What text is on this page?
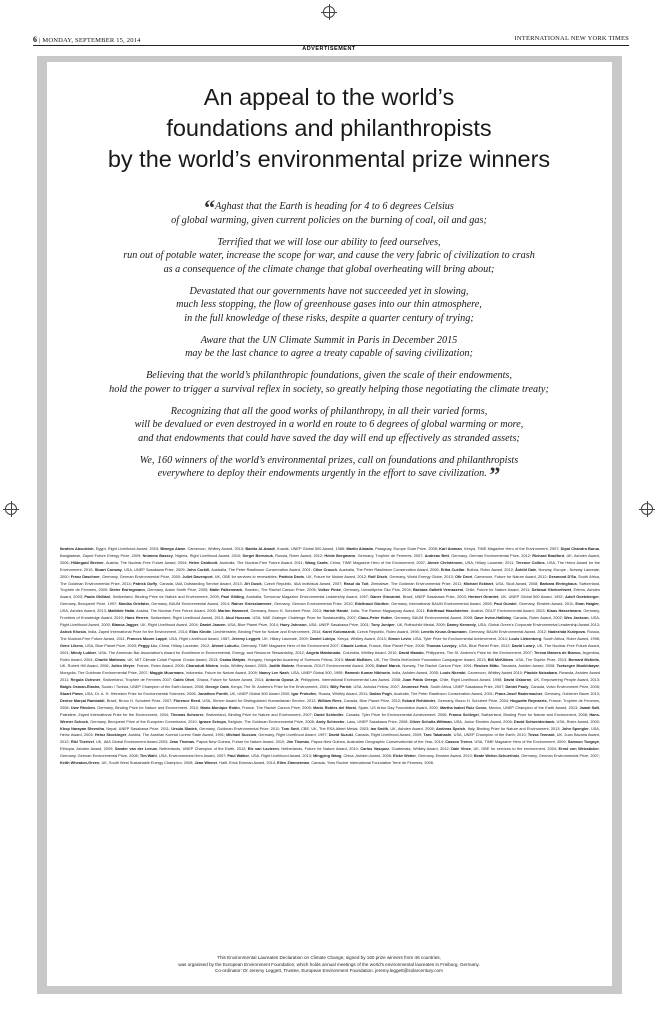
6 | MONDAY, SEPTEMBER 15, 2014	INTERNATIONAL NEW YORK TIMES
ADVERTISEMENT
An appeal to the world’s
foundations and philanthropists
by the world’s environmental prize winners

“Aghast that the Earth is heading for 4 to 6 degrees Celsius
of global warming, given current policies on the burning of coal, oil and gas;

Terrified that we will lose our ability to feed ourselves,
run out of potable water, increase the scope for war, and cause the very fabric of civilization to crash
as a consequence of the climate change that global overheating will bring about;

Devastated that our governments have not succeeded yet in slowing,
much less stopping, the flow of greenhouse gases into our thin atmosphere,
in the full knowledge of these risks, despite a quarter century of trying;

Aware that the UN Climate Summit in Paris in December 2015
may be the last chance to agree a treaty capable of saving civilization;

Believing that the world’s philanthropic foundations, given the scale of their endowments,
hold the power to trigger a survival reflex in society, so greatly helping those negotiating the climate treaty;

Recognizing that all the good works of philanthropy, in all their varied forms,
will be devalued or even destroyed in a world en route to 6 degrees of global warming or more,
and that endowments that could have saved the day will end up effectively as stranded assets;

We, 160 winners of the world’s environmental prizes, call on foundations and philanthropists
everywhere to deploy their endowments urgently in the effort to save civilization. ”

Ibrahim Abouleish, Egypt, Right Livelihood Award, 2003; Biwego Abwe, Cameroon, Whitley Award, 2013; Badria Al-Awadi, Kuwait, UNEP Global 500 Award, 1988; Martin Almada, Paraguay, Europe Solar Prize, 2005; Karl Amman, Kenya, TIME Magazine Hero of the Environment, 2007; Dipal Chandra Barua, Bangladesh, Zayed Future Energy Prize, 2009; Nnimmo Bassey, Nigeria, Right Livelihood Award, 2010; Sergei Bereznuk, Russia, Rolex Award, 2012; Heide Bergmann, Germany, Trophée de Femmes, 2007; Andreas Bett, Germany, German Environmental Prize, 2012; Richard Bradford, UK, Ashden Award, 2006; Hildegard Breiner, Austria, The Nuclear-Free Future Award, 2004; Helen Caldicott, Australia, The Nuclear-Free Future Award, 2011; Wang Canfa, China, TIME Magazine Hero of the Environment, 2007; Aimee Christensen, USA, Hillary Laureate, 2011; Terence Collins, USA, The Heinz Award for the Environment, 2010; Stuart Conway, USA, UNEP Sasakawa Prize, 2009; John Corkill, Australia, The Peter Rawlinson Conservation Award, 2001; Clive Crouch, Australia, The Peter Rawlinson Conservation Award, 2006; Erika Cuéllar, Bolivia, Rolex Award, 2012; Åshild Dale, Norway, Europe - Norway Laureate, 2000; Franz Daschner, Germany, German Environmental Prize, 2000; Juliet Davenport, UK, OBE for services to renewables; Patricia Davis, UK, Future for Nature Award, 2012; Rolf Disch, Germany, World Energy Globe, 2013; Ofir Drori, Cameroon, Future for Nature Award, 2012; Desmond D'Sa, South Africa, The Goldman Environmental Prize, 2014; Patrick Duffy, Canada, IAIA Outstanding Service Award, 2013; Jiří Dusík, Czech Republic, IAIA Individual Award, 2007; Rasul du Toit, Zimbabwe, The Goldman Environmental Prize, 2011; Michael Eckhart, USA, Skoll Award, 2008; Barbara Ehringhaus, Switzerland, Trophée de Femmes, 2009; Dieter Ewringmann, Germany, Adam Smith Prize, 2005; Malin Falkenmark, Sweden, The Rachel Carson Prize, 2005; Volker Finke, Germany, Umweltpreis Öko Plus, 2004; Barbara Galletti Vernazzeni, Chile, Future for Nature Award, 2011; Debesai Ghebrehiwet, Eritrea, Ashden Award, 2003; Paola Ghillani, Switzerland, Binding Prize for Nature and Environment, 2009; Paul Gilding, Australia, Tomorrow Magazine Environmental Leadership Award, 1997; Daner Giovanini, Brazil, UNEP Sasakawa Prize, 2003; Herbert Girardet, UK, UNEP Global 500 Award, 1992; Adolf Goetzberger, Germany, Becquerel Prize, 1997; Monika Griefahn, Germany, BAUM Environmental Award, 2014; Rainer Griesshammer, Germany, German Environmental Prize, 2010; Edeltraud Günther, Germany, International BAUM Environmental Award, 2008; Paul Gundel, Germany, Einstein Award, 2011; Evan Haigler, USA, Ashden Award, 2013; Mathilde Halla, Austria, The Nuclear-Free Future Award, 2005; Marion Hammerl, Germany, Bruno H. Schubert Prize, 2013; Harish Hande, India, The Ramon Magsaysay Award, 2011; Edelfraud Haselsteiner, Austria, ÖGUT Environmental Award, 2003; Klaus Hasselmann, Germany, Frontiers of Knowledge Award, 2010; Hans Herren, Switzerland, Right Livelihood Award, 2013; Abul Hussam, USA, NAE Grainger Challenge Prize for Sustainability, 2007; Claus-Peter Hutter, Germany, BAUM Environmental Award, 2008; Dave Irvine-Halliday, Canada, Rolex Award, 2002; Wes Jackson, USA, Right Livelihood Award, 2000; Bianca Jagger, UK, Right Livelihood Award, 2004; Daniel Janzen, USA, Blue Planet Prize, 2014; Huey Johnson, USA, UNEP Sasakawa Prize, 2001; Tony Juniper, UK, Rothschild Medal, 2009; Danny Kennedy, USA, Global Green's Corporate Environmental Leadership Award 2013; Ashok Khosla, India, Zayed International Prize for the Environment, 2014; Elias Kindle, Liechtenstein, Binding Prize for Nature and Environment, 2014; Karel Kolomazník, Czech Republic, Rolex Award, 1998; Lenelis Kruse-Graumann, Germany, BAUM Environmental Award, 2012; Nadezhda Kutepova, Russia, The Nuclear-Free Future Award, 2011; Frances Moore Lappé, USA, Right Livelihood Award, 1987; Jeremy Leggett, UK, Hillary Laureate, 2009; Daniel Lobiyu, Kenya, Whitley Award, 2013; Simon Levin, USA, Tyler Prize for Environmental Achievement, 2014; Louis Liebenberg, South Africa, Rolex Award, 1998; Gene Likens, USA, Blue Planet Prize, 2003; Peggy Liu, China, Hillary Laureate, 2012; Ahmet Lokurlu, Germany, TIME Magazine Hero of the Environment 2007; Claude Lorius, France, Blue Planet Prize, 2008; Thomas Lovejoy, USA, Blue Planet Prize, 2012; David Lowry, UK, The Nuclear-Free Future Award, 2001; Mindy Lubber, USA, The American Bar Association's Award for Excellence in Environmental, Energy, and Resource Stewardship, 2012; Angela Maldonado, Columbia, Whitley Award, 2010; David Manalo, Philippines, The St. Andrew's Prize for the Environment, 2007; Teresa Manera de Bianco, Argentina, Rolex Award, 2004; Charlie Mathews, UK, MIT Climate Colab Popular Choice Award, 2013; Csaba Mátyás, Hungary, Hungarian Academy of Sciences Fellow, 2010; Mardi McBrien, UK, The Sheila McKechnie Foundation Campaigner Award, 2013; Bill McKibben, USA, The Sophie Prize, 2013; Bernard McNelis, UK, Robert Hill Award, 2006; Julien Meyer, France, Rolex Award, 2006; Charudutt Mishra, India, Whitley Award, 2005; Judith Molnár, Romania, ÖGUT Environmental Award, 2005; Sidsel Mørck, Norway, The Rachel Carson Prize, 1991; Reuben Mittu, Tanzania, Ashden Award, 2008; Tsetsegee Munkhbayar, Mongolia, The Goldman Environmental Prize, 2007; Maggie Muurmans, Indonesia, Future for Nature Award, 2009; Nancy Lee Nash, USA, UNEP Global 500, 1995; Ramesh Kumar Nibhoria, India, Ashden Award, 2005; Louis Nkembi, Cameroon, Whitley Award 2010; Placide Nzisabara, Rwanda, Ashden Award 2011; Regula Ochsner, Switzerland, Trophée de Femmes 2007; Caleb Ofori, Ghana, Future for Nature Award, 2014; Antonio Oposa Jr, Philippines, International Environmental Law Award, 2008; Juan Pablo Orrego, Chile, Right Livelihood Award, 1998; David Osborne, UK, Empowering People Award, 2013; Balgis Osman-Elasha, Sudan / Tunisia, UNEP Champion of the Earth Award, 2008; George Outa, Kenya, The St. Andrew's Prize for the Environment, 2001; Billy Parish, USA, Ashoka Fellow, 2007; Jeunesse Park, South Africa, UNEP Sasakawa Prize, 2007; Daniel Pauly, Canada, Volvo Environment Prize, 2006; Stuart Pimm, USA, Dr. A. H. Heineken Prize for Environmental Sciences, 2006; Jonathon Porritt, UK, UNEP Global 500 Award 2000; Igor Prokofev, Russia, Whitley Award, 2011; Dailan Pugh, Australia, The Peter Rawlinson Conservation Award, 2001; Franz-Josef Radermacher, Germany, Goldener Baum 2010; Denise Marçal Rambaldi, Brazil, Bruno H. Schubert Prize, 2007; Florence Reed, USA, Shriver Award for Distinguished Humanitarian Service, 2012; William Rees, Canada, Blue Planet Prize, 2012; Eckard Rehbinder, Germany, Bruno H. Schubert Prize, 2004; Huguette Reynaerts, France, Trophée de Femmes, 2008; Uwe Riecken, Germany, Binding Prize for Nature and Environment, 2010; Marie-Monique Robin, France, The Rachel Carson Prize, 2009; Mario Robles del Moral, Spain, US Arbor Day Foundation Award, 2000; Martha Isabel Ruiz Corzo, Mexico, UNEP Champion of the Earth Award, 2013; Jamal Saft, Palestine, Zayed International Prize for the Environment, 2004; Thomas Scheurer, Switzerland, Binding Prize for Nature and Environment, 2007; David Schindler, Canada, Tyler Prize for Environmental Achievement, 2006; Franca Schlegel, Switzerland, Binding Prize for Nature and Environment, 2008; Hans-Werner Schock, Germany, Becquerel Prize of the European Commission, 2010; Ignace Schops, Belgium, The Goldman Environmental Prize, 2008; Andy Schroeter, Laos, UNEP Sasakawa Prize, 2008; Oliver Schultz-Wittman, USA, Junior Einstein Award, 2006; David Schweidenback, USA, Rolex Award, 2000; Khop Narayan Shrestha, Nepal, UNEP Sasakawa Prize, 2011; Ursula Sladek, Germany, Goldman Environmental Prize, 2011; Tom Smit, CBE, UK, The RSA Albert Medal, 2003; Ian Smith, UK, Ashden Award, 2005; Andreas Speich, Italy, Binding Prize for Nature and Environment, 2013; John Spengler, USA, Heinz Award, 2003; Heinz Stockinger, Austria, The Austrian Konrad Lorenz State Award, 1991; Michael Succow, Germany, Right Livelihood Award, 1997; David Suzuki, Canada, Right Livelihood Award, 2009; Taro Takahashi, USA, UNEP Champion of the Earth, 2010; Tessa Tennant, UK, Juan Bavaria Award, 2012; Riki Therivel, UK, IAIA Global Environment Award 2003; Jean Thomas, Papua New Guinea, Future for Nature Award, 2010; Jim Thomas, Papua New Guinea, Australian Geographic Conservationist of the Year, 2014; Casson Trenor, USA, TIME Magazine Hero of the Environment, 2009; Samson Tsegaye, Ethiopia, Ashden Award, 2009; Sander van der Leeuw, Netherlands, UNEP Champion of the Earth, 2012; Els van Lavieren, Netherlands, Future for Nature Award, 2010; Carlos Vasquez, Guatemala, Whitley Award, 2012; Dale Vince, UK, OBE for services to the environment, 2004; Ernst von Weizsäcker, Germany, German Environmental Prize, 2008; Tim Wahl, USA, Environmental Hero Award, 2007; Paul Walker, USA, Right Livelihood Award, 2013; Mingying Wang, China, Ashden Award, 2006; Elcke Weber, Germany, Einstein Award, 2013; Beate Weber-Schuerholz, Germany, German Environmental Prize, 2007; Keith Wheaton-Green, UK, South West Sustainable Energy Champion, 2008; Jean Wiener, Haiti, Erick Eckman Award, 2014; Ellen Zimmerman, Canada, Yves Rocher International Foundation Terre de Femmes, 2006.
This Environmental Laureates Declaration on Climate Change, signed by 160 prize winners from 46 countries,
was organised by the European Environment Foundation, which holds annual meetings of the world's environmental laureates in Freiburg, Germany.
Co-ordinator: Dr Jeremy Leggett, Trustee, European Environment Foundation. jeremy.leggett@solarcentury.com
